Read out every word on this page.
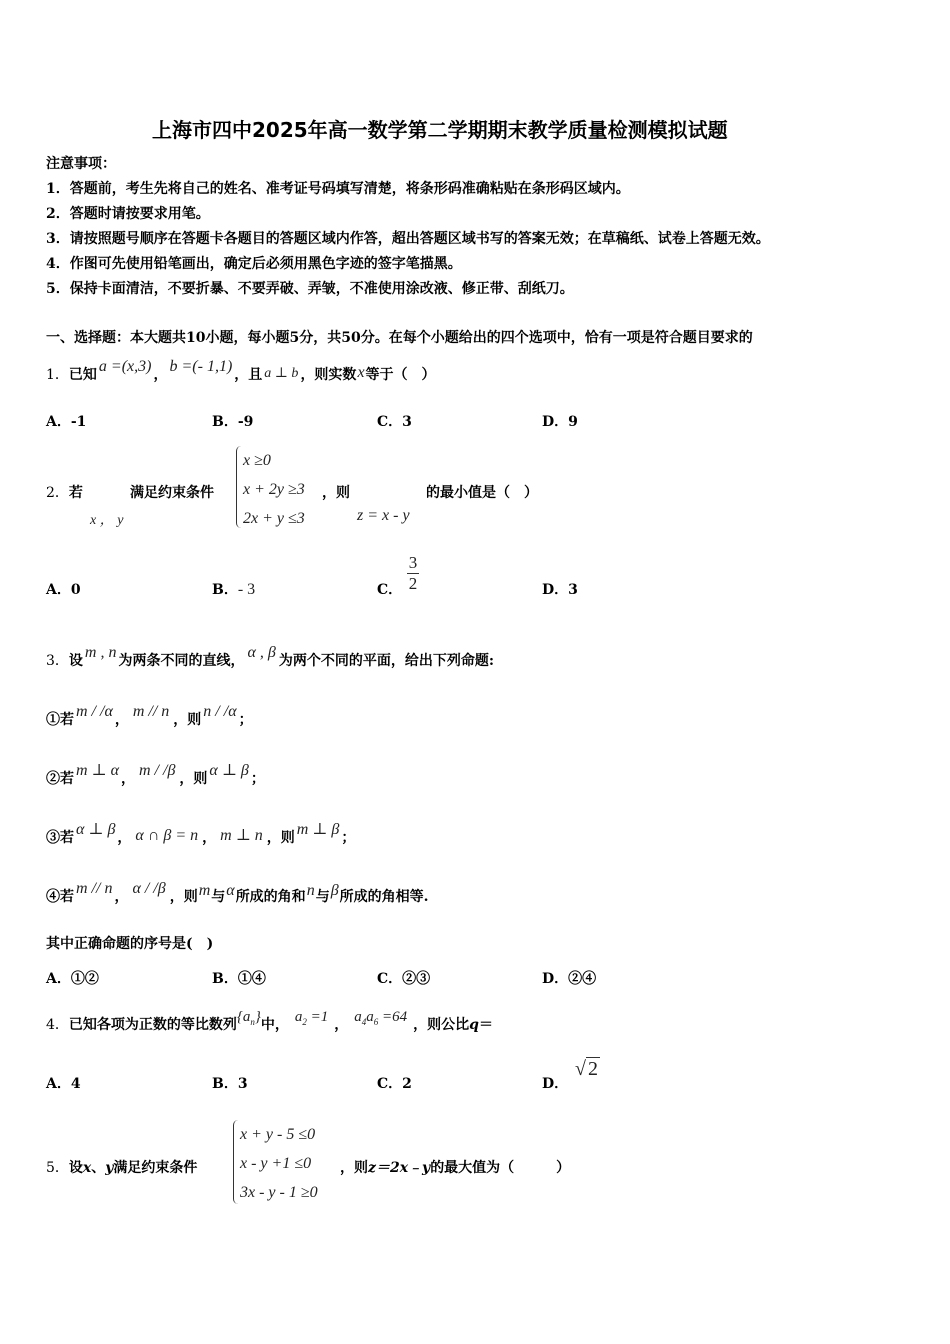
上海市四中2025年高一数学第二学期期末教学质量检测模拟试题
注意事项：
1．答题前，考生先将自己的姓名、准考证号码填写清楚，将条形码准确粘贴在条形码区域内。
2．答题时请按要求用笔。
3．请按照题号顺序在答题卡各题目的答题区域内作答，超出答题区域书写的答案无效；在草稿纸、试卷上答题无效。
4．作图可先使用铅笔画出，确定后必须用黑色字迹的签字笔描黑。
5．保持卡面清洁，不要折暴、不要弄破、弄皱，不准使用涂改液、修正带、刮纸刀。
一、选择题：本大题共10小题，每小题5分，共50分。在每个小题给出的四个选项中，恰有一项是符合题目要求的
1．已知 a =(x,3) ， b =(- 1,1) ，且 a ⊥ b ，则实数x等于（　）
A．-1	B．-9	C．3	D．9
2．若
x ， y
满足约束条件
x ≥0
x + 2y ≥3
2x + y ≤3
，则
z = x - y
的最小值是（　）
A．0	B．- 3	C．
3
2	D．3
3．设 m , n 为两条不同的直线， α , β 为两个不同的平面，给出下列命题:
①若 m / /α ， m // n ，则 n / /α ；
②若 m ⊥ α ， m / /β ，则 α ⊥ β ；
③若 α ⊥ β ， α ∩ β = n ， m ⊥ n ，则 m ⊥ β ；
④若 m // n ， α / /β ，则m与α所成的角和n与β所成的角相等.
其中正确命题的序号是(　)
A．①②	B．①④	C．②③	D．②④
4．已知各项为正数的等比数列$\{a_n\}$中， $a_2 =1$ ， $a_4a_6 =64$ ，则公比q＝
A．4	B．3	C．2	D．
√ 2
5．设x、y满足约束条件
x + y - 5 ≤0
x - y +1 ≤0
3x - y - 1 ≥0
，则z＝2x﹣y的最大值为（　　　）
